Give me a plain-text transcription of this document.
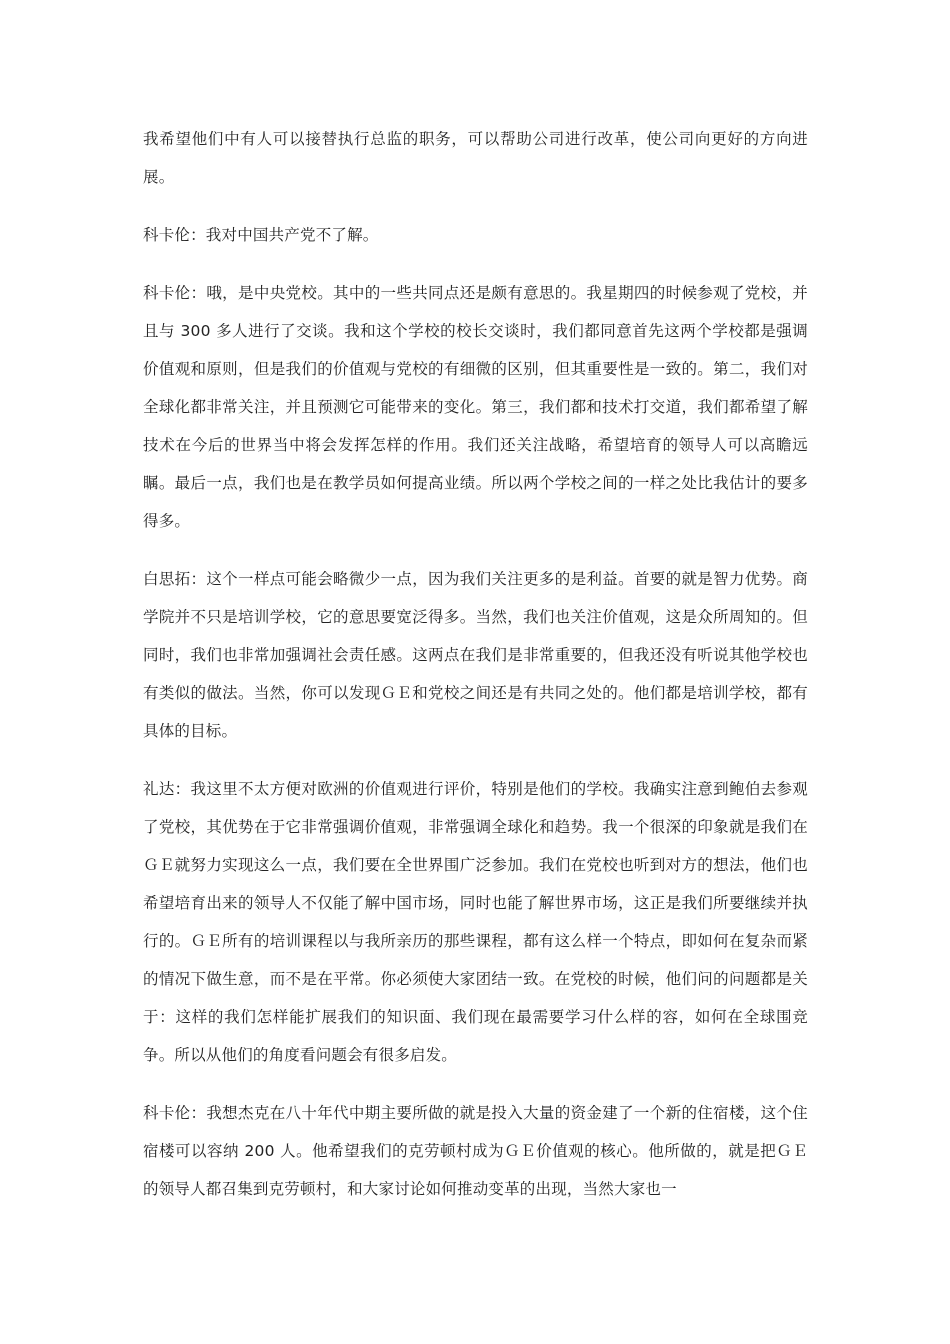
我希望他们中有人可以接替执行总监的职务，可以帮助公司进行改革，使公司向更好的方向进展。

科卡伦：我对中国共产党不了解。

科卡伦：哦，是中央党校。其中的一些共同点还是颇有意思的。我星期四的时候参观了党校，并且与 300 多人进行了交谈。我和这个学校的校长交谈时，我们都同意首先这两个学校都是强调价值观和原则，但是我们的价值观与党校的有细微的区别，但其重要性是一致的。第二，我们对全球化都非常关注，并且预测它可能带来的变化。第三，我们都和技术打交道，我们都希望了解技术在今后的世界当中将会发挥怎样的作用。我们还关注战略，希望培育的领导人可以高瞻远瞩。最后一点，我们也是在教学员如何提高业绩。所以两个学校之间的一样之处比我估计的要多得多。

白思拓：这个一样点可能会略微少一点，因为我们关注更多的是利益。首要的就是智力优势。商学院并不只是培训学校，它的意思要宽泛得多。当然，我们也关注价值观，这是众所周知的。但同时，我们也非常加强调社会责任感。这两点在我们是非常重要的，但我还没有听说其他学校也有类似的做法。当然，你可以发现ＧＥ和党校之间还是有共同之处的。他们都是培训学校，都有具体的目标。

礼达：我这里不太方便对欧洲的价值观进行评价，特别是他们的学校。我确实注意到鲍伯去参观了党校，其优势在于它非常强调价值观，非常强调全球化和趋势。我一个很深的印象就是我们在ＧＥ就努力实现这么一点，我们要在全世界围广泛参加。我们在党校也听到对方的想法，他们也希望培育出来的领导人不仅能了解中国市场，同时也能了解世界市场，这正是我们所要继续并执行的。ＧＥ所有的培训课程以与我所亲历的那些课程，都有这么样一个特点，即如何在复杂而紧的情况下做生意，而不是在平常。你必须使大家团结一致。在党校的时候，他们问的问题都是关于：这样的我们怎样能扩展我们的知识面、我们现在最需要学习什么样的容，如何在全球围竞争。所以从他们的角度看问题会有很多启发。

科卡伦：我想杰克在八十年代中期主要所做的就是投入大量的资金建了一个新的住宿楼，这个住宿楼可以容纳 200 人。他希望我们的克劳顿村成为ＧＥ价值观的核心。他所做的，就是把ＧＥ的领导人都召集到克劳顿村，和大家讨论如何推动变革的出现，当然大家也一
